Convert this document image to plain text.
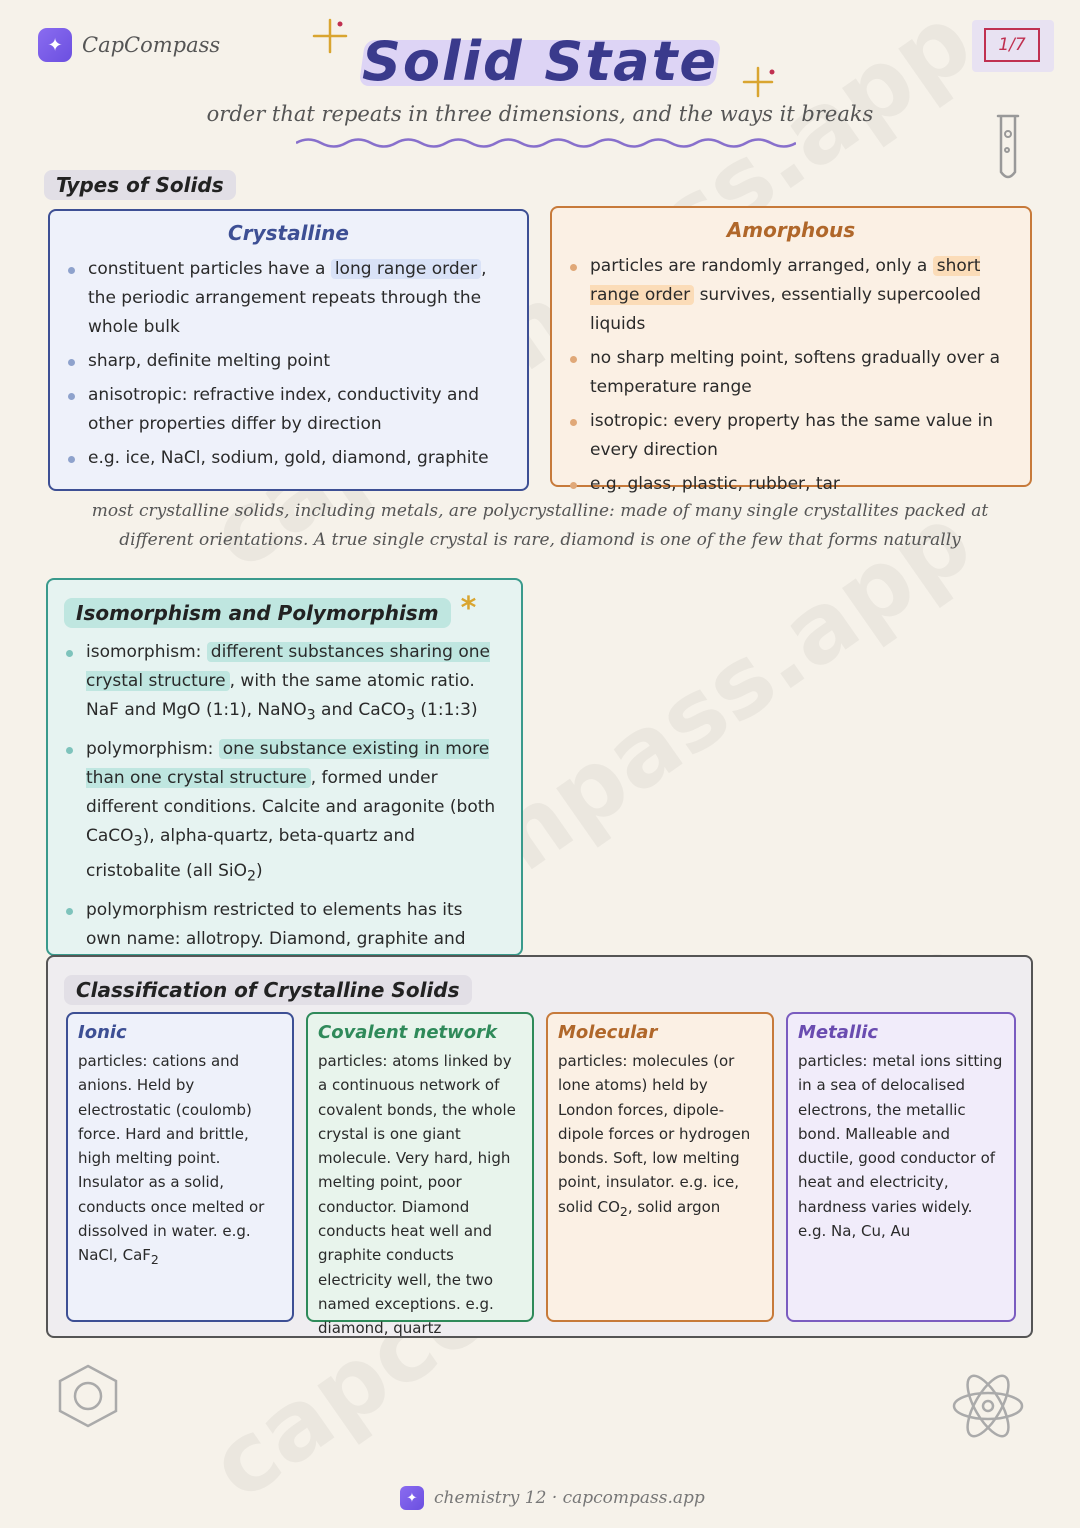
✦ CapCompass	Solid State
order that repeats in three dimensions, and the ways it breaks
1/7
Types of Solids
Crystalline
constituent particles have a long range order , the periodic arrangement repeats through the whole bulk
sharp, definite melting point
anisotropic: refractive index, conductivity and other properties differ by direction
e.g. ice, NaCl, sodium, gold, diamond, graphite
Amorphous
particles are randomly arranged, only a short range order survives, essentially supercooled liquids
no sharp melting point, softens gradually over a temperature range
isotropic: every property has the same value in every direction
e.g. glass, plastic, rubber, tar
most crystalline solids, including metals, are polycrystalline: made of many single crystallites packed at different orientations. A true single crystal is rare, diamond is one of the few that forms naturally
Isomorphism and Polymorphism *
isomorphism: different substances sharing one crystal structure , with the same atomic ratio. NaF and MgO (1:1), NaNO$_3$ and CaCO$_3$ (1:1:3)
polymorphism: one substance existing in more than one crystal structure , formed under different conditions. Calcite and aragonite (both CaCO$_3$), alpha-quartz, beta-quartz and cristobalite (all SiO$_2$)
polymorphism restricted to elements has its own name: allotropy. Diamond, graphite and
Classification of Crystalline Solids
Ionic
particles: cations and anions. Held by electrostatic (coulomb) force. Hard and brittle, high melting point. Insulator as a solid, conducts once melted or dissolved in water. e.g. NaCl, CaF$_2$
Covalent network
particles: atoms linked by a continuous network of covalent bonds, the whole crystal is one giant molecule. Very hard, high melting point, poor conductor. Diamond conducts heat well and graphite conducts electricity well, the two named exceptions. e.g. diamond, quartz
Molecular
particles: molecules (or lone atoms) held by London forces, dipole-dipole forces or hydrogen bonds. Soft, low melting point, insulator. e.g. ice, solid $CO_2$, solid argon
Metallic
particles: metal ions sitting in a sea of delocalised electrons, the metallic bond. Malleable and ductile, good conductor of heat and electricity, hardness varies widely. e.g. Na, Cu, Au
✦ chemistry 12 · capcompass.app
